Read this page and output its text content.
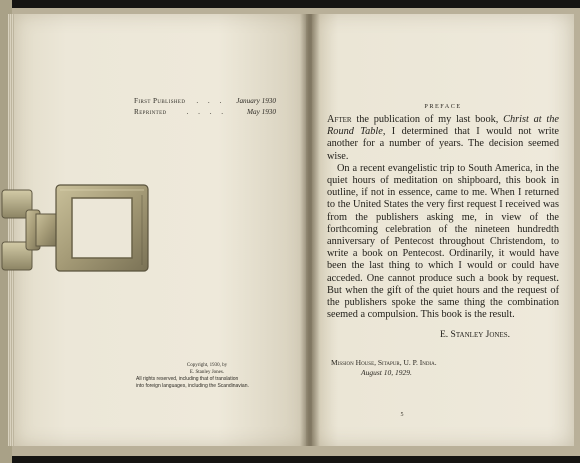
First Published	. . .	January 1930
Reprinted	. . . .	May 1930
Copyright, 1930, by
E. Stanley Jones.
All rights reserved, including that of translation
into foreign languages, including the Scandinavian.
PREFACE

After the publication of my last book, Christ at the Round Table, I determined that I would not write another for a number of years. The decision seemed wise.

On a recent evangelistic trip to South America, in the quiet hours of meditation on shipboard, this book in outline, if not in essence, came to me. When I returned to the United States the very first request I received was from the publishers asking me, in view of the forthcoming celebration of the nineteen hundredth anniversary of Pentecost throughout Christendom, to write a book on Pentecost. Ordinarily, it would have been the last thing to which I would or could have acceded. One cannot produce such a book by request. But when the gift of the quiet hours and the request of the publishers spoke the same thing the combination seemed a compulsion. This book is the result.

E. Stanley Jones.
Mission House, Sitapur, U. P. India.
August 10, 1929.
5
